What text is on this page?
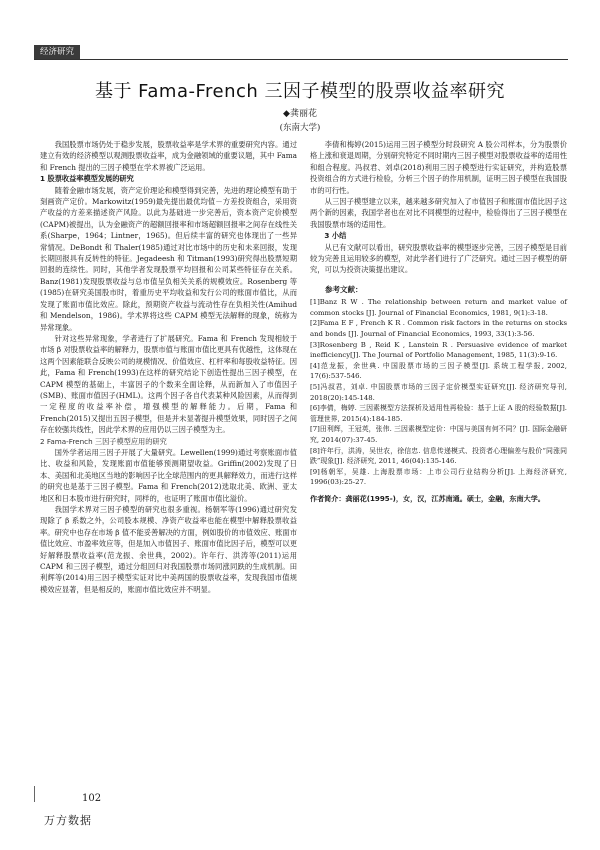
经济研究
基于 Fama-French 三因子模型的股票收益率研究
◆龚丽花
(东南大学)

我国股票市场仍处于稳步发展，股票收益率是学术界的重要研究内容。通过建立有效的经济模型以观测股票收益率，成为金融领域的重要议题，其中 Fama 和 French 提出的三因子模型在学术界被广泛运用。

1 股票收益率模型发展的研究

随着金融市场发展，资产定价理论和模型得到完善，先进的理论模型有助于刻画资产定价。Markowitz(1959)最先提出最优均值－方差投资组合，采用资产收益的方差来描述资产风险。以此为基础进一步完善后，资本资产定价模型(CAPM)被提出，认为金融资产的超额回报率和市场超额回报率之间存在线性关系(Sharpe，1964；Lintner，1965)。但后续丰富的研究也体现出了一些异常情况。DeBondt 和 Thaler(1985)通过对比市场中的历史和未来回报，发现长期回报具有反转性的特征。Jegadeesh 和 Titman(1993)研究得出股票短期回报的连续性。同时，其他学者发现股票平均回报和公司某些特征存在关系。Banz(1981)发现股票收益与总市值呈负相关关系的规模效应。Rosenberg 等(1985)在研究美国股市时，着重历史平均收益和发行公司的账面市值比，从而发现了账面市值比效应。除此，预期资产收益与流动性存在负相关性(Amihud 和 Mendelson，1986)。学术界将这些 CAPM 模型无法解释的现象，统称为异常现象。

针对这些异常现象，学者进行了扩展研究。Fama 和 French 发现相较于市场 β 对股票收益率的解释力，股票市值与账面市值比更具有优越性，这体现在这两个因素能联合反映公司的规模情况、价值效应、杠杆率和每股收益特征。因此，Fama 和 French(1993)在这样的研究结论下创造性提出三因子模型，在 CAPM 模型的基础上，丰富因子的个数来全面诠释，从而新加入了市值因子(SMB)、账面市值因子(HML)。这两个因子各自代表某种风险因素，从而得到一定程度的收益率补偿，增强模型的解释能力。后期，Fama 和 French(2015)又提出五因子模型，但是并未显著提升模型效果，同时因子之间存在较强共线性，因此学术界的应用仍以三因子模型为主。

2 Fama-French 三因子模型应用的研究

国外学者运用三因子开展了大量研究。Lewellen(1999)通过考察账面市值比、收益和风险，发现账面市值能够预测期望收益。Griffin(2002)发现了日本、美国和北美地区当地的影响因子比全球范围内的更具解释效力，而进行这样的研究也是基于三因子模型。Fama 和 French(2012)选取北美、欧洲、亚太地区和日本股市进行研究时，同样的，也证明了账面市值比溢价。

我国学术界对三因子模型的研究也很多重视。杨朝军等(1996)通过研究发现除了 β 系数之外，公司股本规模、净资产收益率也能在模型中解释股票收益率。研究中也存在市场 β 值不能妥善解决的方面，例如股价的市值效应、账面市值比效应、市盈率效应等，但是加入市值因子、账面市值比因子后，模型可以更好解释股票收益率(范龙振、余世典，2002)。许年行、洪涛等(2011)运用 CAPM 和三因子模型，通过分组回归对我国股票市场同涨同跌的生成机制。田利辉等(2014)用三因子模型实证对比中美两国的股票收益率，发现我国市值规模效应显著，但是相反的，账面市值比效应并不明显。

李倩和梅婷(2015)运用三因子模型分时段研究 A 股公司样本，分为股票价格上涨和衰退周期，分别研究特定不同时期内三因子模型对股票收益率的适用性和组合程度。冯叔君、刘卓(2018)利用三因子模型进行实证研究，并构造股票投资组合的方式进行检验，分析三个因子的作用机制，证明三因子模型在我国股市的可行性。

从三因子模型建立以来，越来越多研究加入了市值因子和账面市值比因子这两个新的因素，我国学者也在对比不同模型的过程中，检验得出了三因子模型在我国股票市场的适用性。

3 小结

从已有文献可以看出，研究股票收益率的模型逐步完善，三因子模型是目前较为完善且运用较多的模型，对此学者们进行了广泛研究。通过三因子模型的研究，可以为投资决策提出建议。

参考文献：
[1]Banz R W . The relationship between return and market value of common stocks [J]. Journal of Financial Economics, 1981, 9(1):3-18.
[2]Fama E F , French K R . Common risk factors in the returns on stocks and bonds [J]. Journal of Financial Economics, 1993, 33(1):3-56.
[3]Rosenberg B , Reid K , Lanstein R . Persuasive evidence of market inefficiency[J]. The Journal of Portfolio Management, 1985, 11(3):9-16.
[4]范龙振，余世典. 中国股票市场的三因子模型[J]. 系统工程学报, 2002, 17(6):537-546.
[5]冯叔君，刘卓. 中国股票市场的三因子定价模型实证研究[J]. 经济研究导刊, 2018(20):145-148.
[6]李倩，梅婷. 三因素模型方法探析及适用性再检验：基于上证 A 股的经验数据[J]. 管理世界, 2015(4):184-185.
[7]田利辉，王冠英，张伟. 三因素模型定价：中国与美国有何不同？[J]. 国际金融研究, 2014(07):37-45.
[8]许年行，洪涛，吴世农，徐信忠. 信息传递模式、投资者心理偏差与股价“同涨同跌”现象[J]. 经济研究, 2011, 46(04):135-146.
[9]杨朝军，吴雄. 上海股票市场：上市公司行业结构分析[J]. 上海经济研究, 1996(03):25-27.
作者简介：龚丽花(1995-)，女，汉，江苏南通。硕士，金融，东南大学。
102
万方数据
